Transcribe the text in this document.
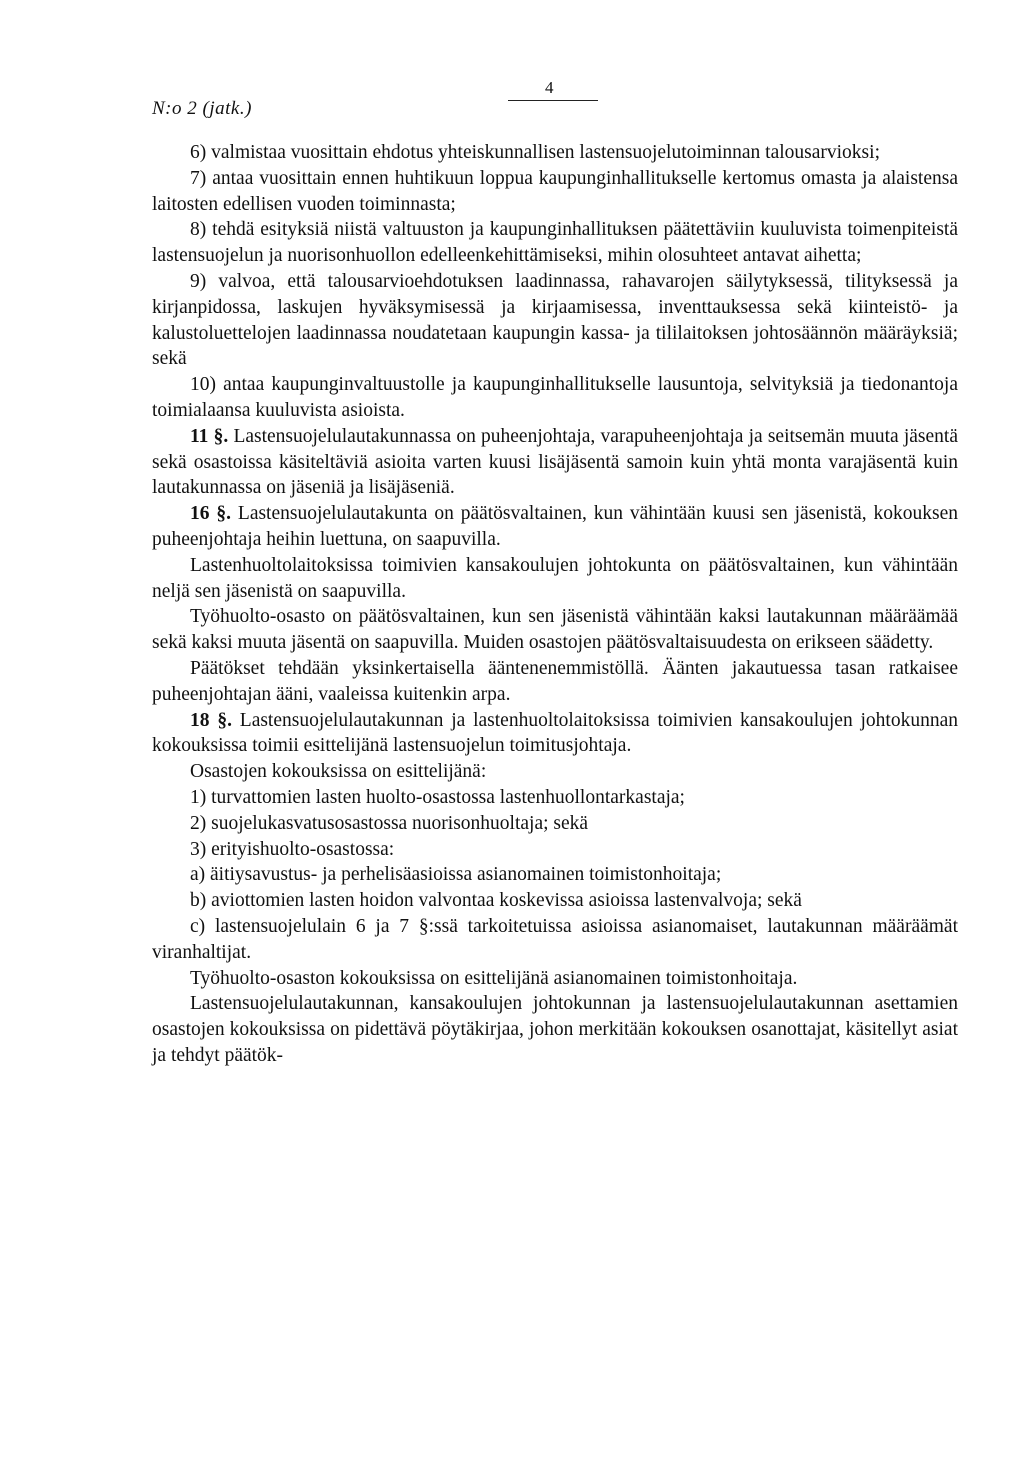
N:o 2 (jatk.)
4

6) valmistaa vuosittain ehdotus yhteiskunnallisen lastensuojelutoiminnan talousarvioksi;

7) antaa vuosittain ennen huhtikuun loppua kaupunginhallitukselle kertomus omasta ja alaistensa laitosten edellisen vuoden toiminnasta;

8) tehdä esityksiä niistä valtuuston ja kaupunginhallituksen päätettäviin kuuluvista toimenpiteistä lastensuojelun ja nuorisonhuollon edelleenkehittämiseksi, mihin olosuhteet antavat aihetta;

9) valvoa, että talousarvioehdotuksen laadinnassa, rahavarojen säilytyksessä, tilityksessä ja kirjanpidossa, laskujen hyväksymisessä ja kirjaamisessa, inventtauksessa sekä kiinteistö- ja kalustoluettelojen laadinnassa noudatetaan kaupungin kassa- ja tililaitoksen johtosäännön määräyksiä; sekä

10) antaa kaupunginvaltuustolle ja kaupunginhallitukselle lausuntoja, selvityksiä ja tiedonantoja toimialaansa kuuluvista asioista.

11 §. Lastensuojelulautakunnassa on puheenjohtaja, varapuheenjohtaja ja seitsemän muuta jäsentä sekä osastoissa käsiteltäviä asioita varten kuusi lisäjäsentä samoin kuin yhtä monta varajäsentä kuin lautakunnassa on jäseniä ja lisäjäseniä.

16 §. Lastensuojelulautakunta on päätösvaltainen, kun vähintään kuusi sen jäsenistä, kokouksen puheenjohtaja heihin luettuna, on saapuvilla.

Lastenhuoltolaitoksissa toimivien kansakoulujen johtokunta on päätösvaltainen, kun vähintään neljä sen jäsenistä on saapuvilla.

Työhuolto-osasto on päätösvaltainen, kun sen jäsenistä vähintään kaksi lautakunnan määräämää sekä kaksi muuta jäsentä on saapuvilla. Muiden osastojen päätösvaltaisuudesta on erikseen säädetty.

Päätökset tehdään yksinkertaisella ääntenenemmistöllä. Äänten jakautuessa tasan ratkaisee puheenjohtajan ääni, vaaleissa kuitenkin arpa.

18 §. Lastensuojelulautakunnan ja lastenhuoltolaitoksissa toimivien kansakoulujen johtokunnan kokouksissa toimii esittelijänä lastensuojelun toimitusjohtaja.

Osastojen kokouksissa on esittelijänä:

1) turvattomien lasten huolto-osastossa lastenhuollontarkastaja;

2) suojelukasvatusosastossa nuorisonhuoltaja; sekä

3) erityishuolto-osastossa:

a) äitiysavustus- ja perhelisäasioissa asianomainen toimistonhoitaja;

b) aviottomien lasten hoidon valvontaa koskevissa asioissa lastenvalvoja; sekä

c) lastensuojelulain 6 ja 7 §:ssä tarkoitetuissa asioissa asianomaiset, lautakunnan määräämät viranhaltijat.

Työhuolto-osaston kokouksissa on esittelijänä asianomainen toimistonhoitaja.

Lastensuojelulautakunnan, kansakoulujen johtokunnan ja lastensuojelulautakunnan asettamien osastojen kokouksissa on pidettävä pöytäkirjaa, johon merkitään kokouksen osanottajat, käsitellyt asiat ja tehdyt päätök-
